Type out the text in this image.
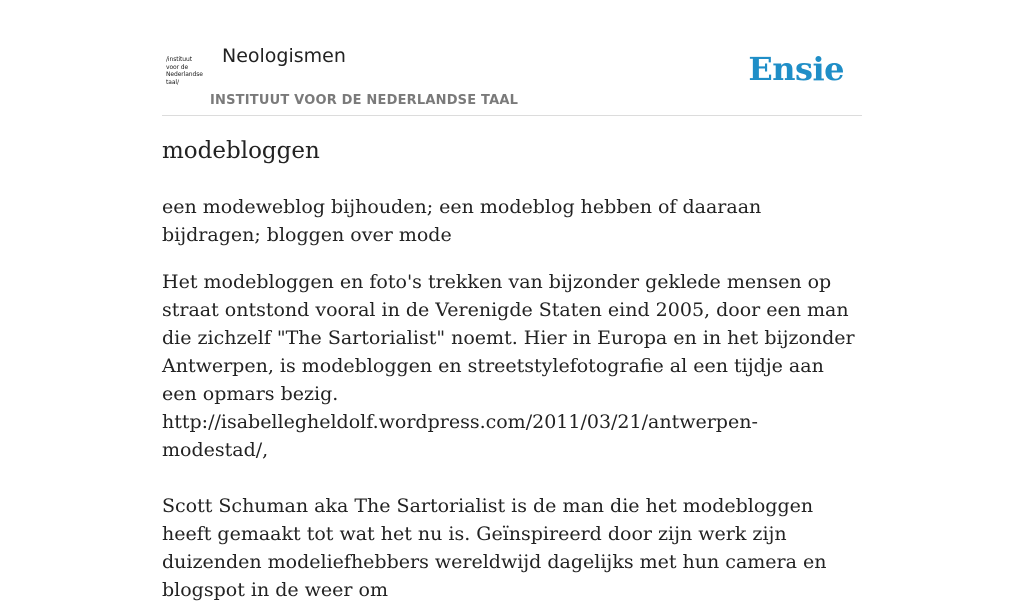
/instituut
voor de
Nederlandse
taal/
Neologismen
INSTITUUT VOOR DE NEDERLANDSE TAAL
Ensie
modebloggen
een modeweblog bijhouden; een modeblog hebben of daaraan bijdragen; bloggen over mode

Het modebloggen en foto's trekken van bijzonder geklede mensen op straat ontstond vooral in de Verenigde Staten eind 2005, door een man die zichzelf "The Sartorialist" noemt. Hier in Europa en in het bijzonder Antwerpen, is modebloggen en streetstylefotografie al een tijdje aan een opmars bezig. http://isabellegheldolf.wordpress.com/2011/03/21/antwerpen-modestad/,

Scott Schuman aka The Sartorialist is de man die het modebloggen heeft gemaakt tot wat het nu is. Geïnspireerd door zijn werk zijn duizenden modeliefhebbers wereldwijd dagelijks met hun camera en blogspot in de weer om
